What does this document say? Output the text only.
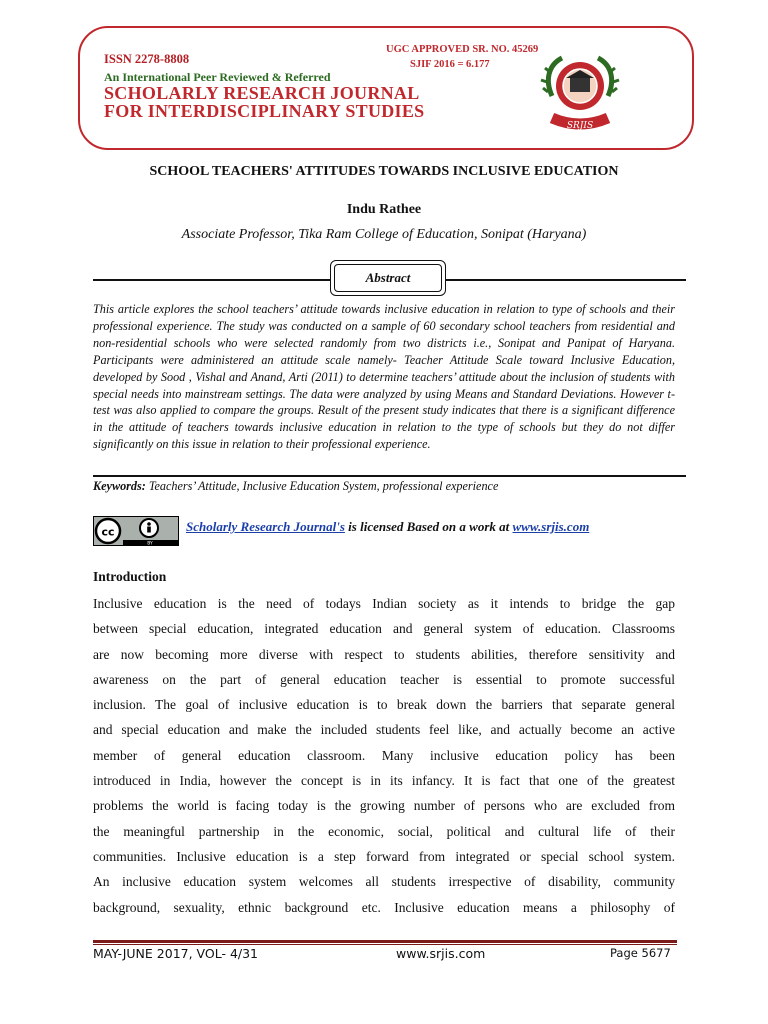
ISSN 2278-8808
An International Peer Reviewed & Referred
SCHOLARLY RESEARCH JOURNAL
FOR INTERDISCIPLINARY STUDIES
UGC APPROVED SR. NO. 45269
SJIF 2016 = 6.177
SRJIS
SCHOOL TEACHERS' ATTITUDES TOWARDS INCLUSIVE EDUCATION
Indu Rathee
Associate Professor, Tika Ram College of Education, Sonipat (Haryana)
Abstract
This article explores the school teachers’ attitude towards inclusive education in relation to type of schools and their professional experience. The study was conducted on a sample of 60 secondary school teachers from residential and non-residential schools who were selected randomly from two districts i.e., Sonipat and Panipat of Haryana. Participants were administered an attitude scale namely- Teacher Attitude Scale toward Inclusive Education, developed by Sood , Vishal and Anand, Arti (2011) to determine teachers’ attitude about the inclusion of students with special needs into mainstream settings. The data were analyzed by using Means and Standard Deviations. However t-test was also applied to compare the groups. Result of the present study indicates that there is a significant difference in the attitude of teachers towards inclusive education in relation to the type of schools but they do not differ significantly on this issue in relation to their professional experience.
Keywords: Teachers’ Attitude, Inclusive Education System, professional experience
cc
BY
Scholarly Research Journal's is licensed Based on a work at www.srjis.com
Introduction
Inclusive education is the need of todays Indian society as it intends to bridge the gap
between special education, integrated education and general system of education. Classrooms
are now becoming more diverse with respect to students abilities, therefore sensitivity and
awareness on the part of general education teacher is essential to promote successful
inclusion. The goal of inclusive education is to break down the barriers that separate general
and special education and make the included students feel like, and actually become an active
member of general education classroom. Many inclusive education policy has been
introduced in India, however the concept is in its infancy. It is fact that one of the greatest
problems the world is facing today is the growing number of persons who are excluded from
the meaningful partnership in the economic, social, political and cultural life of their
communities. Inclusive education is a step forward from integrated or special school system.
An inclusive education system welcomes all students irrespective of disability, community
background, sexuality, ethnic background etc. Inclusive education means a philosophy of
MAY-JUNE 2017, VOL- 4/31	www.srjis.com	Page 5677
